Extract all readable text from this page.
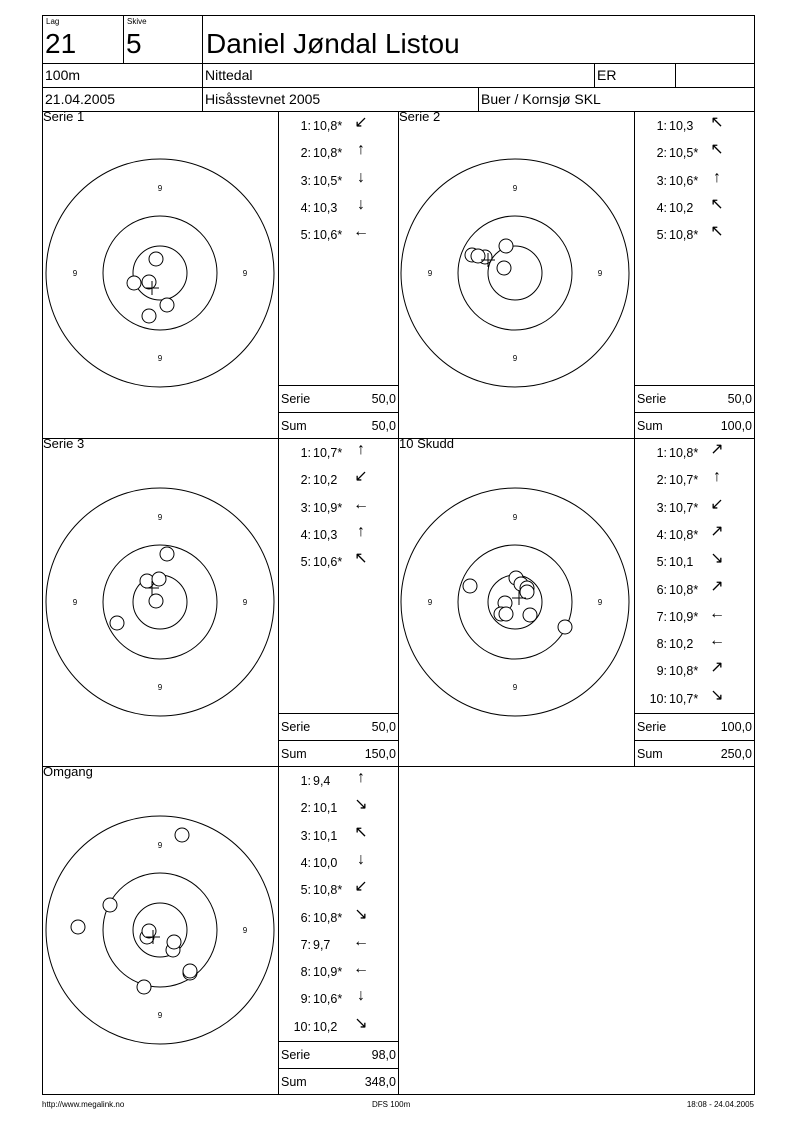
Lag
21
Skive
5 Daniel Jøndal Listou
100m	Nittedal	ER
21.04.2005	Hisåsstevnet 2005	Buer / Kornsjø SKL
Serie 1
9
9
9	9
1: 10,8* ↙
2: 10,8* ↑
3: 10,5* ↓
4: 10,3	↓
5: 10,6* ←
Serie	50,0
Sum	50,0
Serie 2
9
9
9	9
1: 10,3 ↖
2: 10,5* ↖
3: 10,6* ↑
4: 10,2 ↖
5: 10,8* ↖
Serie	50,0
Sum	100,0
Serie 3
9
9
9	9
1: 10,7* ↑
2: 10,2 ↙
3: 10,9* ←
4: 10,3	↑
5: 10,6* ↖
Serie	50,0
Sum	150,0
10 Skudd
9
9
9	9
1: 10,8* ↗
2: 10,7* ↑
3: 10,7* ↙
4: 10,8* ↗
5: 10,1 ↘
6: 10,8* ↗
7: 10,9* ←
8: 10,2 ←
9: 10,8* ↗
10: 10,7* ↘
Serie	100,0
Sum	250,0
Omgang
9
9
9
1: 9,4	↑
2: 10,1 ↘
3: 10,1 ↖
4: 10,0	↓
5: 10,8* ↙
6: 10,8* ↘
7: 9,7 ←
8: 10,9* ←
9: 10,6* ↓
10: 10,2 ↘
Serie	98,0
Sum	348,0
http://www.megalink.no	DFS 100m	18:08 - 24.04.2005
